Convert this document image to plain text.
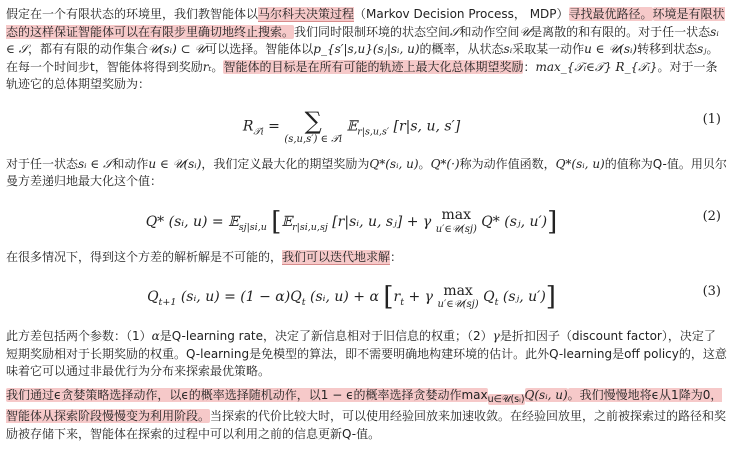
假定在一个有限状态的环境里，我们教智能体以马尔科夫决策过程（Markov Decision Process， MDP）寻找最优路径。环境是有限状态的这样保证智能体可以在有限步里确切地终止搜索。我们同时限制环境的状态空间𝒮和动作空间𝒰是离散的和有限的。对于任一状态sᵢ ∈ 𝒮，都有有限的动作集合𝒰(sᵢ) ⊂ 𝒰可以选择。智能体以p_{s′|s,u}(sⱼ|sᵢ, u)的概率，从状态sᵢ采取某一动作u ∈ 𝒰(sᵢ)转移到状态sⱼ。在每一个时间步t，智能体将得到奖励rₜ。智能体的目标是在所有可能的轨迹上最大化总体期望奖励：max_{𝒯ᵢ∈𝒯} R_{𝒯ᵢ}。对于一条轨迹它的总体期望奖励为：

$R_{𝒯i}$ = ∑
(s,u,s′) ∈ 𝒯i
𝔼$_{r|s,u,s'}$ [r|s, u, s′]	(1)

对于任一状态sᵢ ∈ 𝒮和动作u ∈ 𝒰(sᵢ)，我们定义最大化的期望奖励为Q*(sᵢ, u)。Q*(·)称为动作值函数，Q*(sᵢ, u)的值称为Q-值。用贝尔曼方差递归地最大化这个值：

Q* (sᵢ, u) = 𝔼$_{sj|si,u}$ [𝔼$_{r|si,u,sj}$ [r|sᵢ, u, sⱼ] + γ max
u′∈𝒰(sj) Q* (sⱼ, u′)]	(2)

在很多情况下，得到这个方差的解析解是不可能的，我们可以迭代地求解：

$Q_{t+1}$ (sᵢ, $u) = (1 - \alpha)Q_t$ (sᵢ, u) + α [$r_t + \gamma$ max
u′∈𝒰(sj) $Q_t$ (sⱼ, u′)]	(3)

此方差包括两个参数：（1）α是Q-learning rate，决定了新信息相对于旧信息的权重；（2）γ是折扣因子（discount factor），决定了短期奖励相对于长期奖励的权重。Q-learning是免模型的算法，即不需要明确地构建环境的估计。此外Q-learning是off policy的，这意味着它可以通过非最优行为分布来探索最优策略。

我们通过ϵ贪婪策略选择动作，以ϵ的概率选择随机动作，以1 − ϵ的概率选择贪婪动作$\max_{u\in 𝒰(sᵢ)}Q(sᵢ$, u)。我们慢慢地将ϵ从1降为0，智能体从探索阶段慢慢变为利用阶段。当探索的代价比较大时，可以使用经验回放来加速收敛。在经验回放里，之前被探索过的路径和奖励被存储下来，智能体在探索的过程中可以利用之前的信息更新Q-值。
